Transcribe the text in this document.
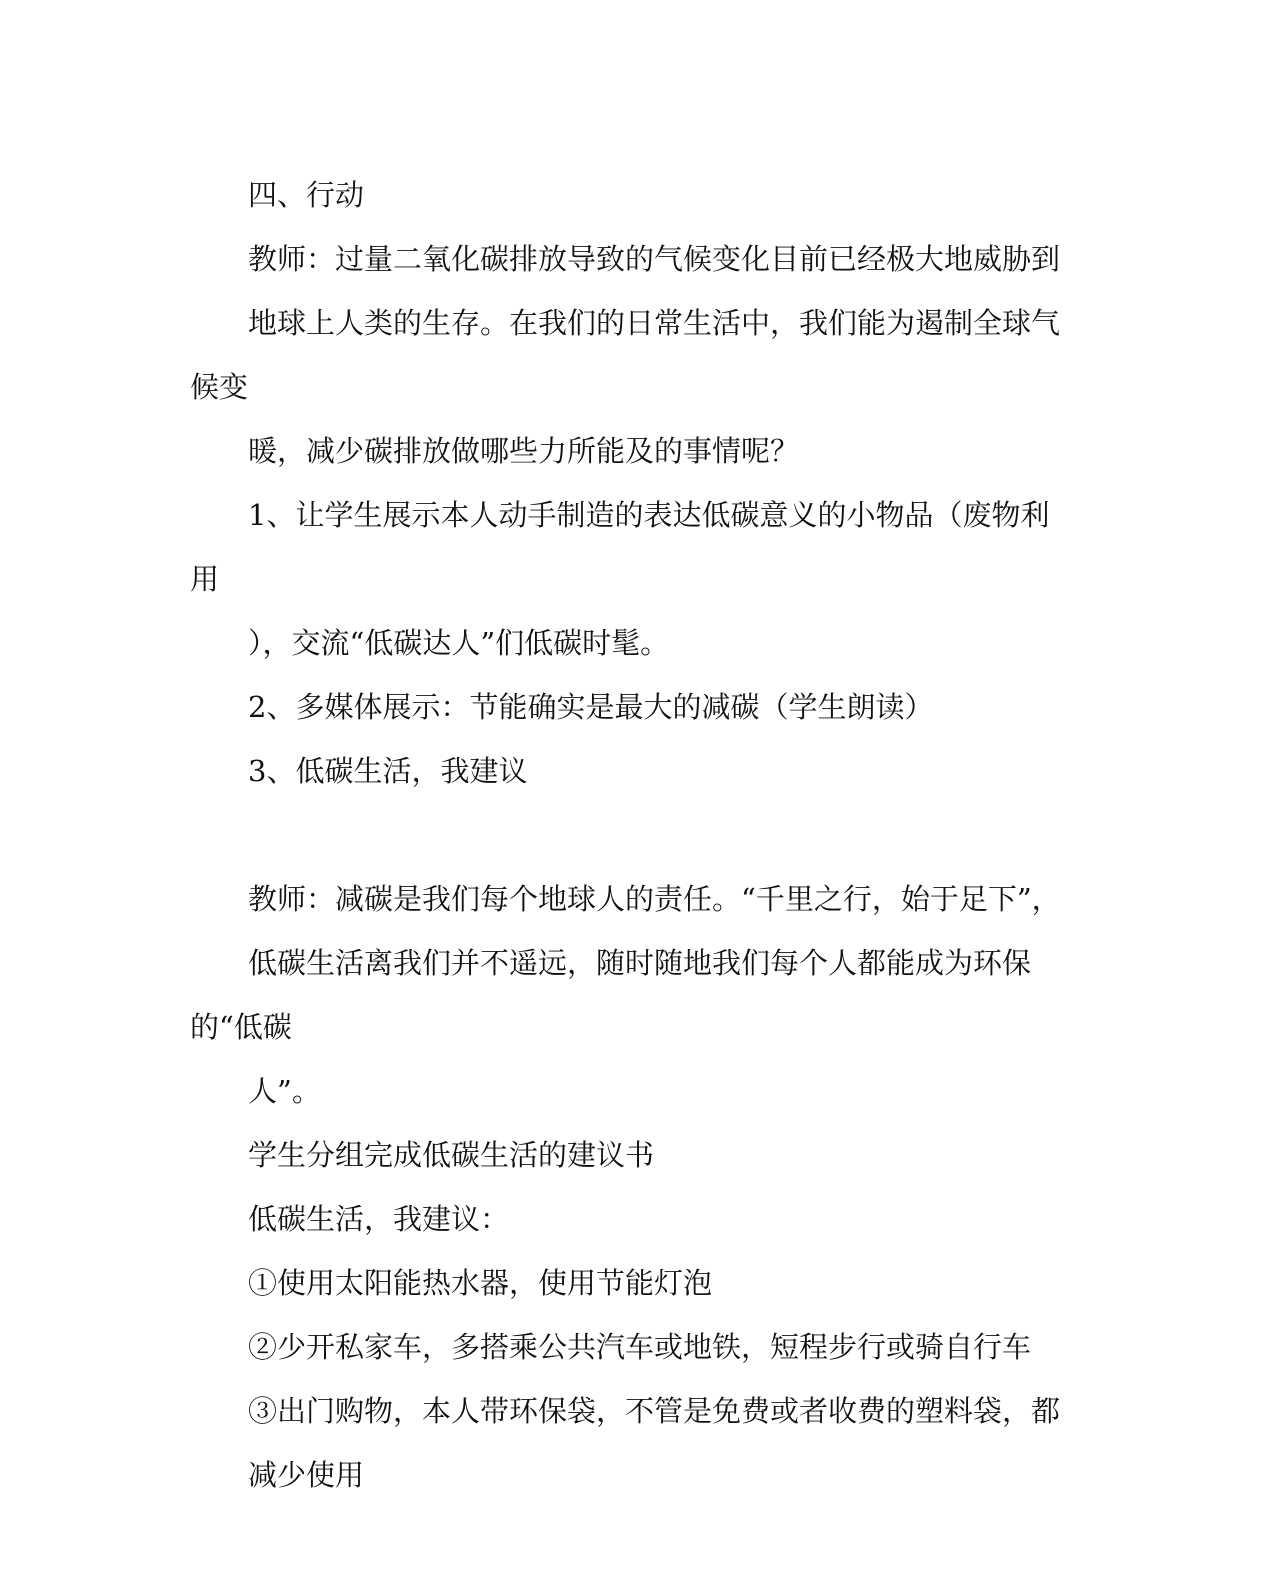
四、行动

教师：过量二氧化碳排放导致的气候变化目前已经极大地威胁到
地球上人类的生存。在我们的日常生活中，我们能为遏制全球气候变
暖，减少碳排放做哪些力所能及的事情呢？

1、让学生展示本人动手制造的表达低碳意义的小物品（废物利用
），交流“低碳达人”们低碳时髦。

2、多媒体展示：节能确实是最大的减碳（学生朗读）

3、低碳生活，我建议

教师：减碳是我们每个地球人的责任。“千里之行，始于足下”，
低碳生活离我们并不遥远，随时随地我们每个人都能成为环保的“低碳
人”。

学生分组完成低碳生活的建议书

低碳生活，我建议：

①使用太阳能热水器，使用节能灯泡

②少开私家车，多搭乘公共汽车或地铁，短程步行或骑自行车

③出门购物，本人带环保袋，不管是免费或者收费的塑料袋，都
减少使用
